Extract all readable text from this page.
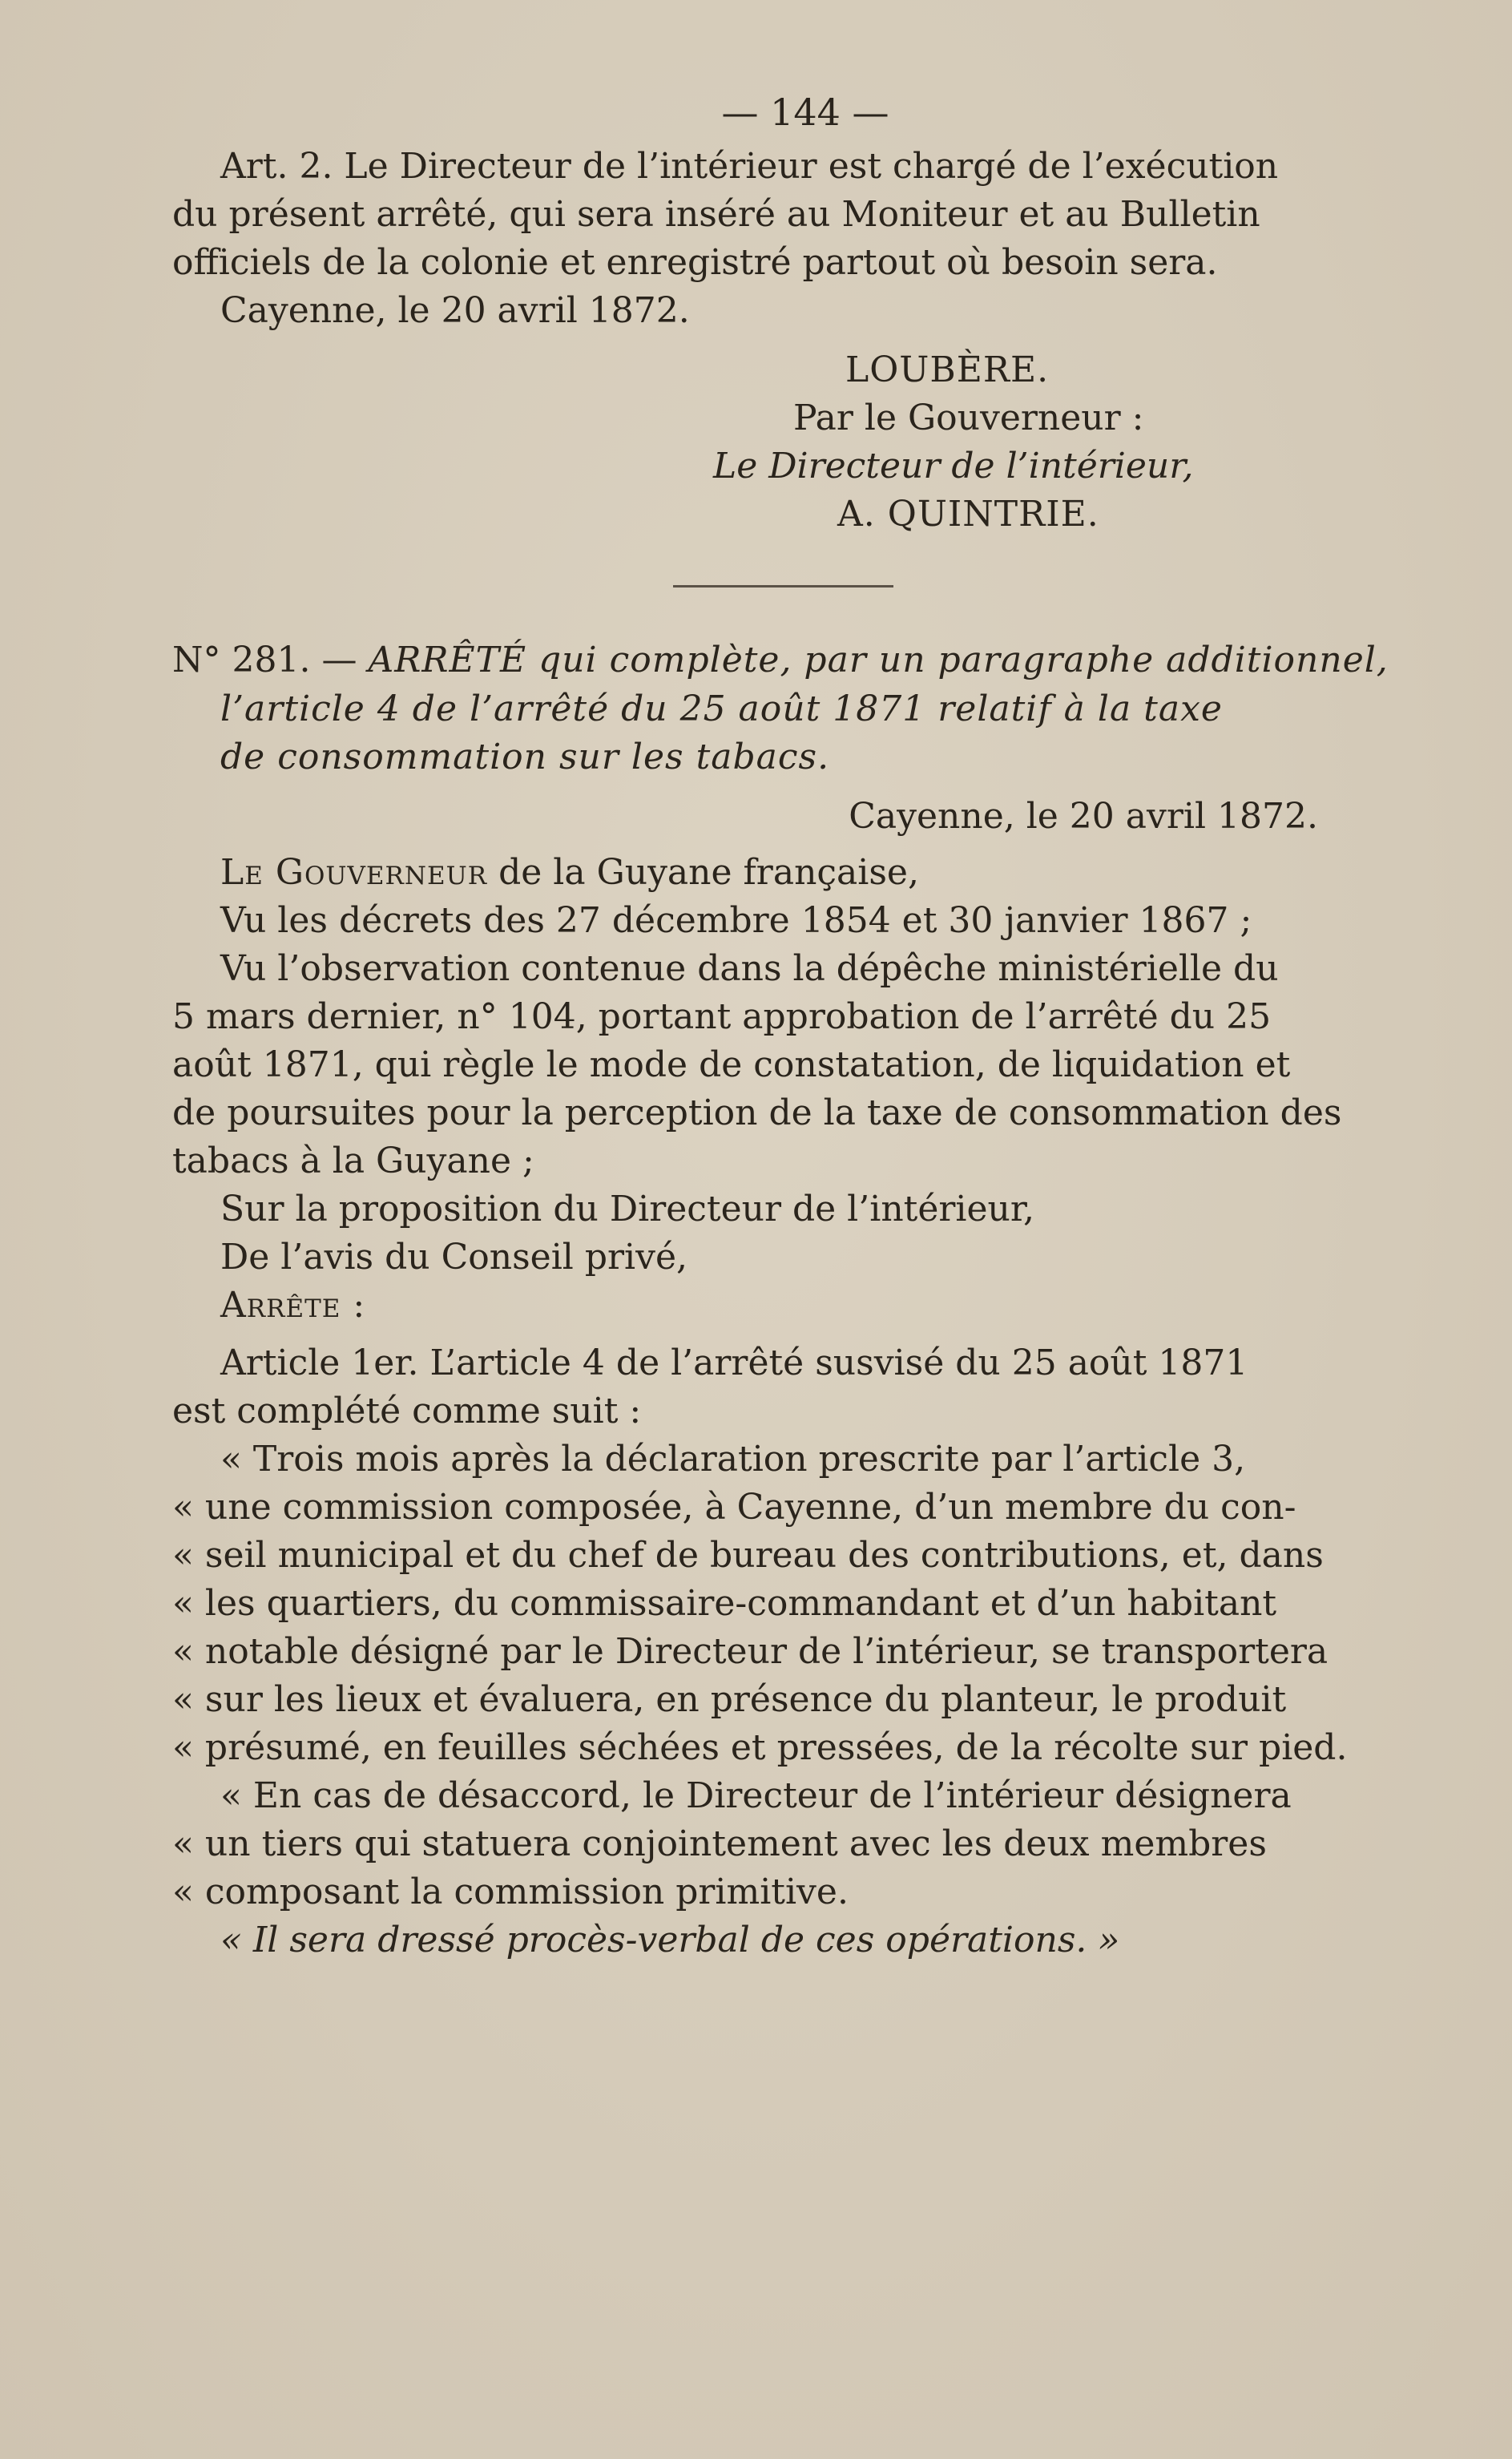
— 144 —

Art. 2. Le Directeur de l’intérieur est chargé de l’exécution
du présent arrêté, qui sera inséré au Moniteur et au Bulletin
officiels de la colonie et enregistré partout où besoin sera.

Cayenne, le 20 avril 1872.

LOUBÈRE.

Par le Gouverneur :

Le Directeur de l’intérieur,

A. QUINTRIE.

N° 281. — ARRÊTÉ qui complète, par un paragraphe additionnel,

l’article 4 de l’arrêté du 25 août 1871 relatif à la taxe

de consommation sur les tabacs.

Cayenne, le 20 avril 1872.

Le Gouverneur de la Guyane française,

Vu les décrets des 27 décembre 1854 et 30 janvier 1867 ;

Vu l’observation contenue dans la dépêche ministérielle du
5 mars dernier, n° 104, portant approbation de l’arrêté du 25
août 1871, qui règle le mode de constatation, de liquidation et
de poursuites pour la perception de la taxe de consommation des
tabacs à la Guyane ;

Sur la proposition du Directeur de l’intérieur,

De l’avis du Conseil privé,

Arrête :

Article 1er. L’article 4 de l’arrêté susvisé du 25 août 1871
est complété comme suit :

« Trois mois après la déclaration prescrite par l’article 3,
« une commission composée, à Cayenne, d’un membre du con-
« seil municipal et du chef de bureau des contributions, et, dans
« les quartiers, du commissaire-commandant et d’un habitant
« notable désigné par le Directeur de l’intérieur, se transportera
« sur les lieux et évaluera, en présence du planteur, le produit
« présumé, en feuilles séchées et pressées, de la récolte sur pied.

« En cas de désaccord, le Directeur de l’intérieur désignera
« un tiers qui statuera conjointement avec les deux membres
« composant la commission primitive.

« Il sera dressé procès-verbal de ces opérations. »
